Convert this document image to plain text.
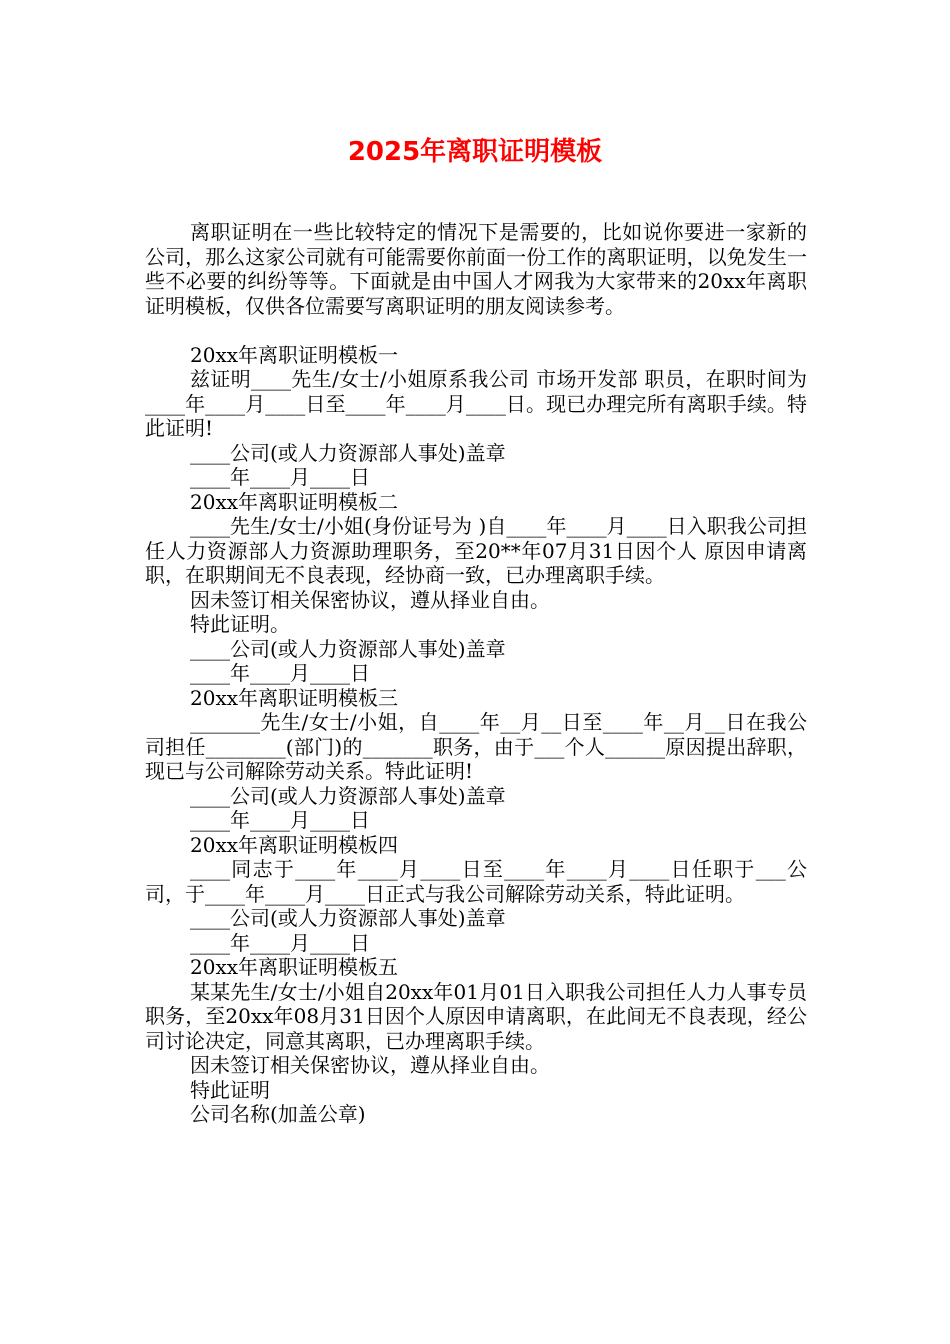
2025年离职证明模板

离职证明在一些比较特定的情况下是需要的，比如说你要进一家新的公司，那么这家公司就有可能需要你前面一份工作的离职证明，以免发生一些不必要的纠纷等等。下面就是由中国人才网我为大家带来的20xx年离职证明模板，仅供各位需要写离职证明的朋友阅读参考。

20xx年离职证明模板一

兹证明____先生/女士/小姐原系我公司 市场开发部 职员，在职时间为____年____月____日至____年____月____日。现已办理完所有离职手续。特此证明!

____公司(或人力资源部人事处)盖章

____年____月____日

20xx年离职证明模板二

____先生/女士/小姐(身份证号为 )自____年____月____日入职我公司担任人力资源部人力资源助理职务，至20**年07月31日因个人 原因申请离职，在职期间无不良表现，经协商一致，已办理离职手续。

因未签订相关保密协议，遵从择业自由。

特此证明。

____公司(或人力资源部人事处)盖章

____年____月____日

20xx年离职证明模板三

_______先生/女士/小姐，自____年__月__日至____年__月__日在我公司担任________(部门)的_______职务，由于___个人______原因提出辞职，现已与公司解除劳动关系。特此证明!

____公司(或人力资源部人事处)盖章

____年____月____日

20xx年离职证明模板四

____同志于____年____月____日至____年____月____日任职于___公司，于____年____月____日正式与我公司解除劳动关系，特此证明。

____公司(或人力资源部人事处)盖章

____年____月____日

20xx年离职证明模板五

某某先生/女士/小姐自20xx年01月01日入职我公司担任人力人事专员职务，至20xx年08月31日因个人原因申请离职，在此间无不良表现，经公司讨论决定，同意其离职，已办理离职手续。

因未签订相关保密协议，遵从择业自由。

特此证明

公司名称(加盖公章)
